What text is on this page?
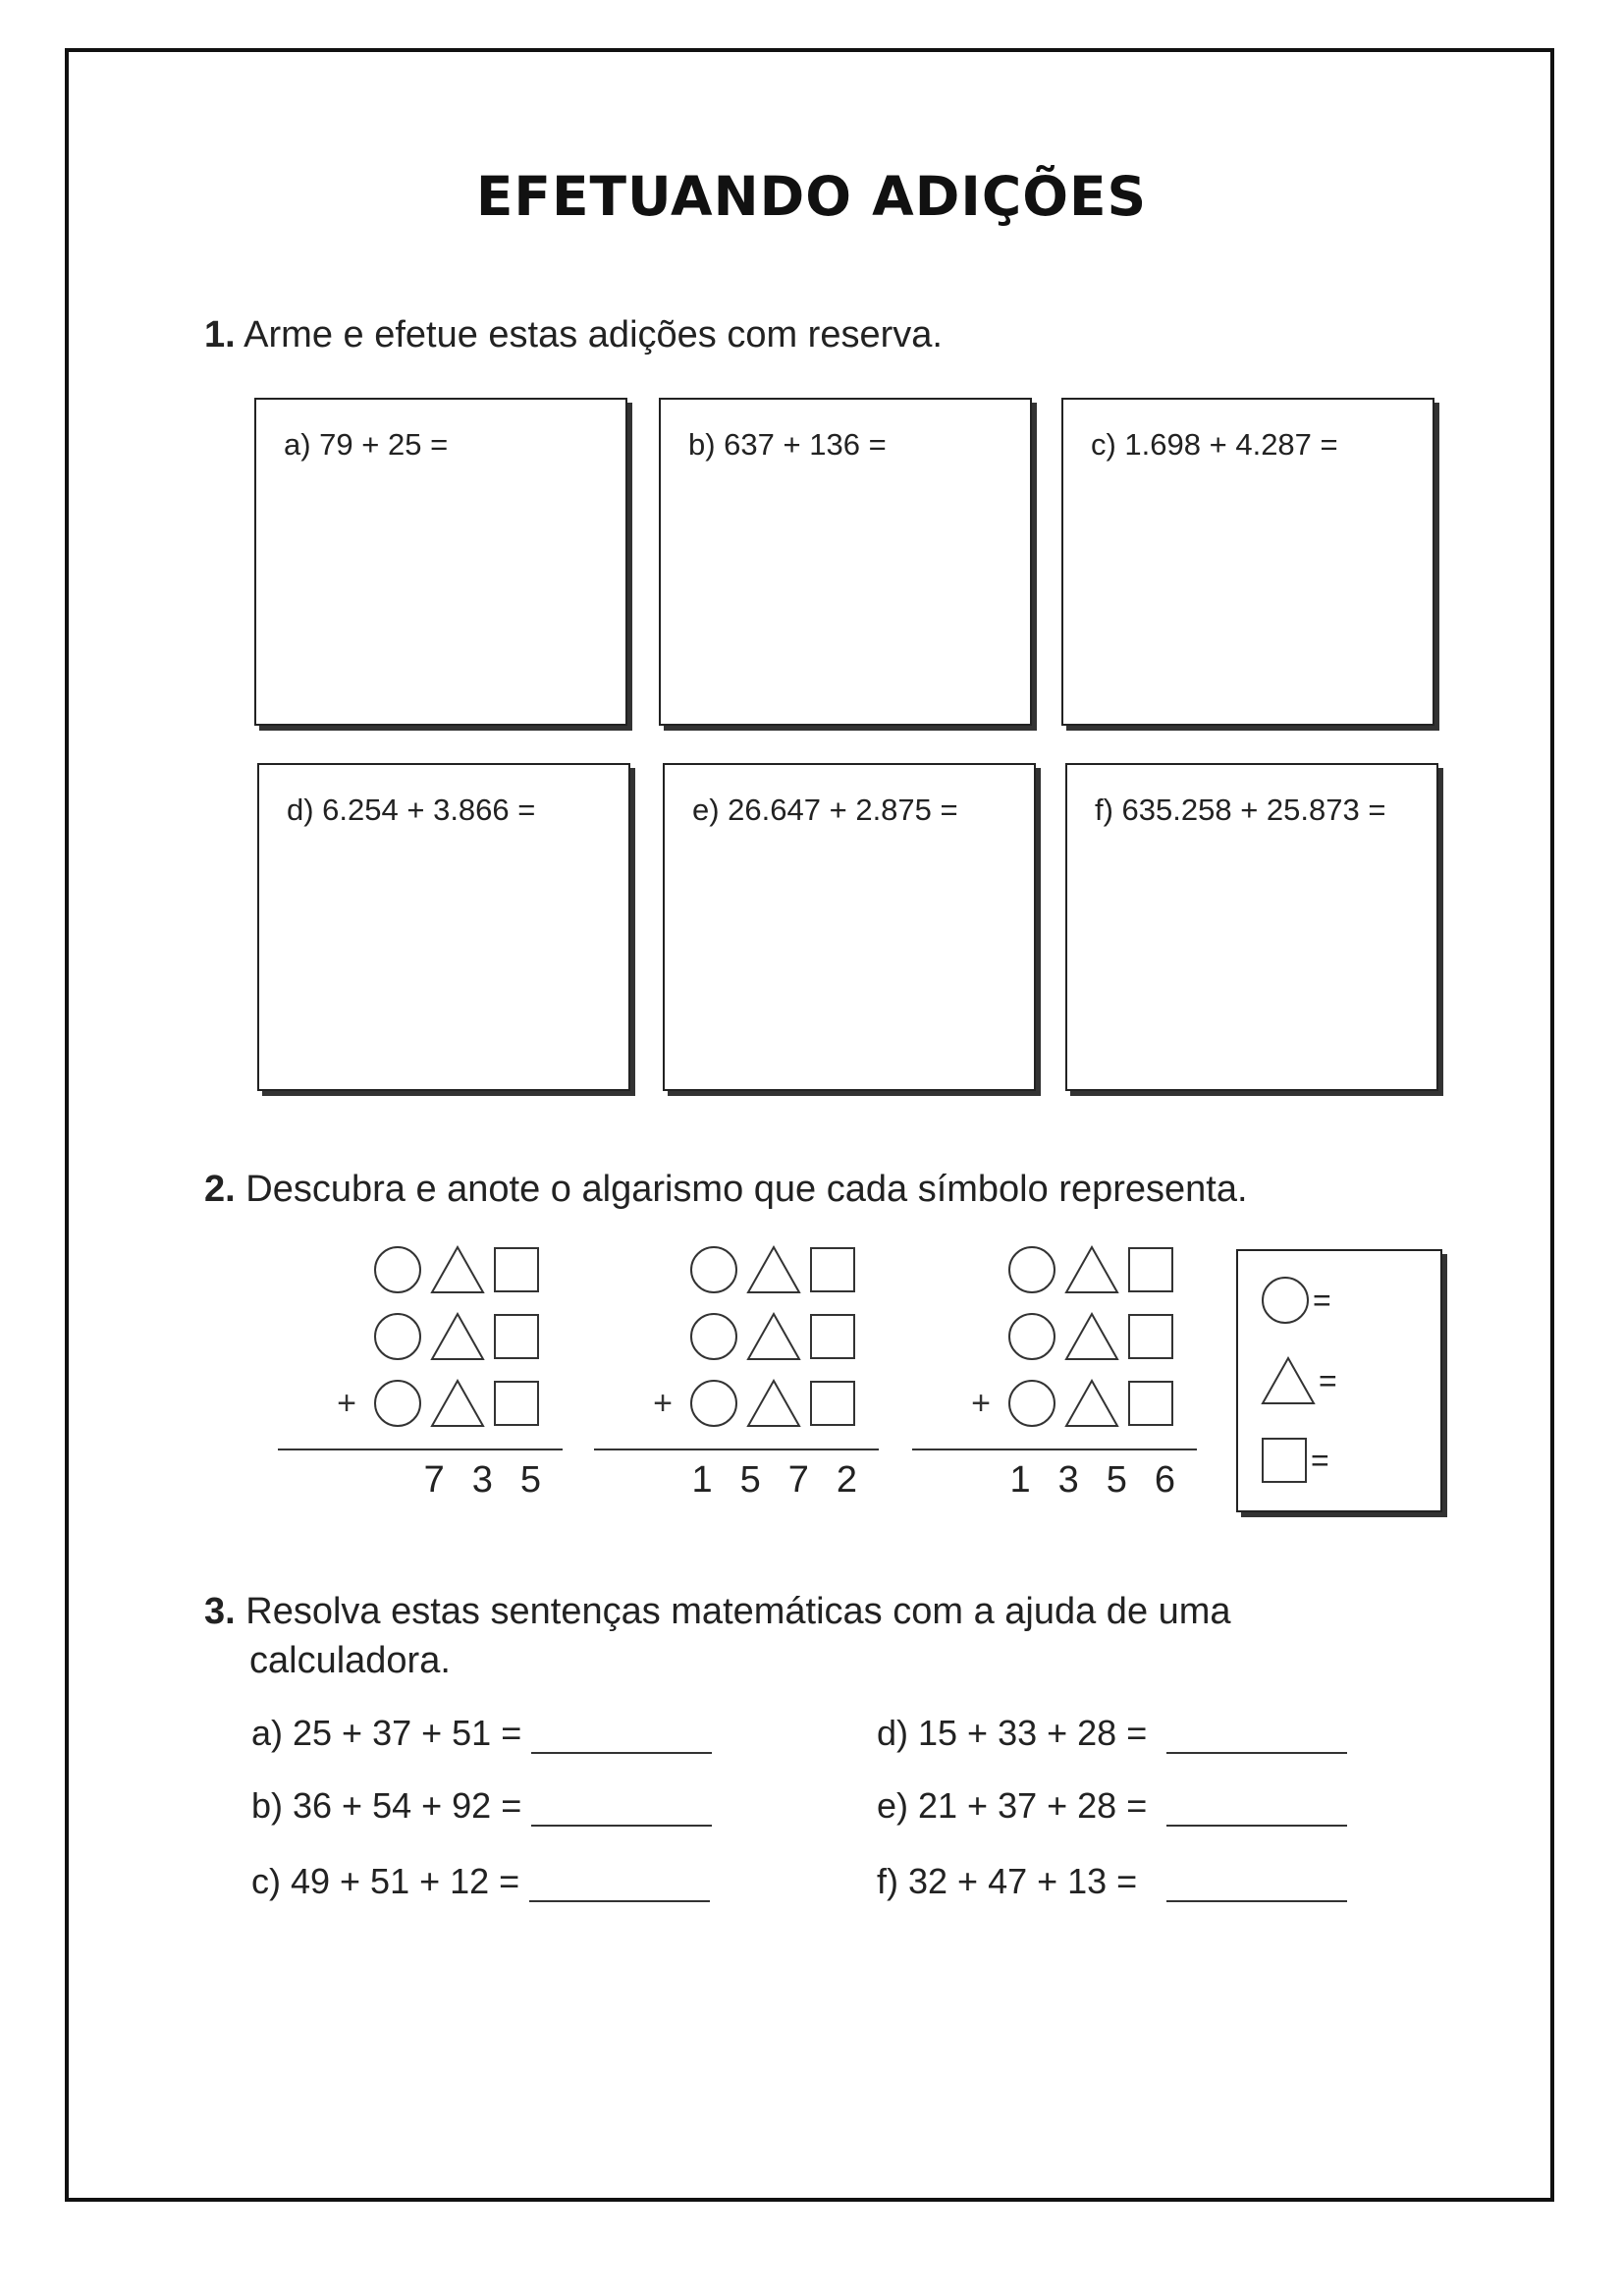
EFETUANDO ADIÇÕES

1. Arme e efetue estas adições com reserva.

a) 79 + 25 =	b) 637 + 136 =	c) 1.698 + 4.287 =
d) 6.254 + 3.866 =	e) 26.647 + 2.875 =	f) 635.258 + 25.873 =

2. Descubra e anote o algarismo que cada símbolo representa.

+
7 3 5
+
1 5 7 2
+
1 3 5 6
=
=
=

3. Resolva estas sentenças matemáticas com a ajuda de uma
calculadora.

a) 25 + 37 + 51 =
b) 36 + 54 + 92 =
c) 49 + 51 + 12 =
d) 15 + 33 + 28 =
e) 21 + 37 + 28 =
f) 32 + 47 + 13 =
